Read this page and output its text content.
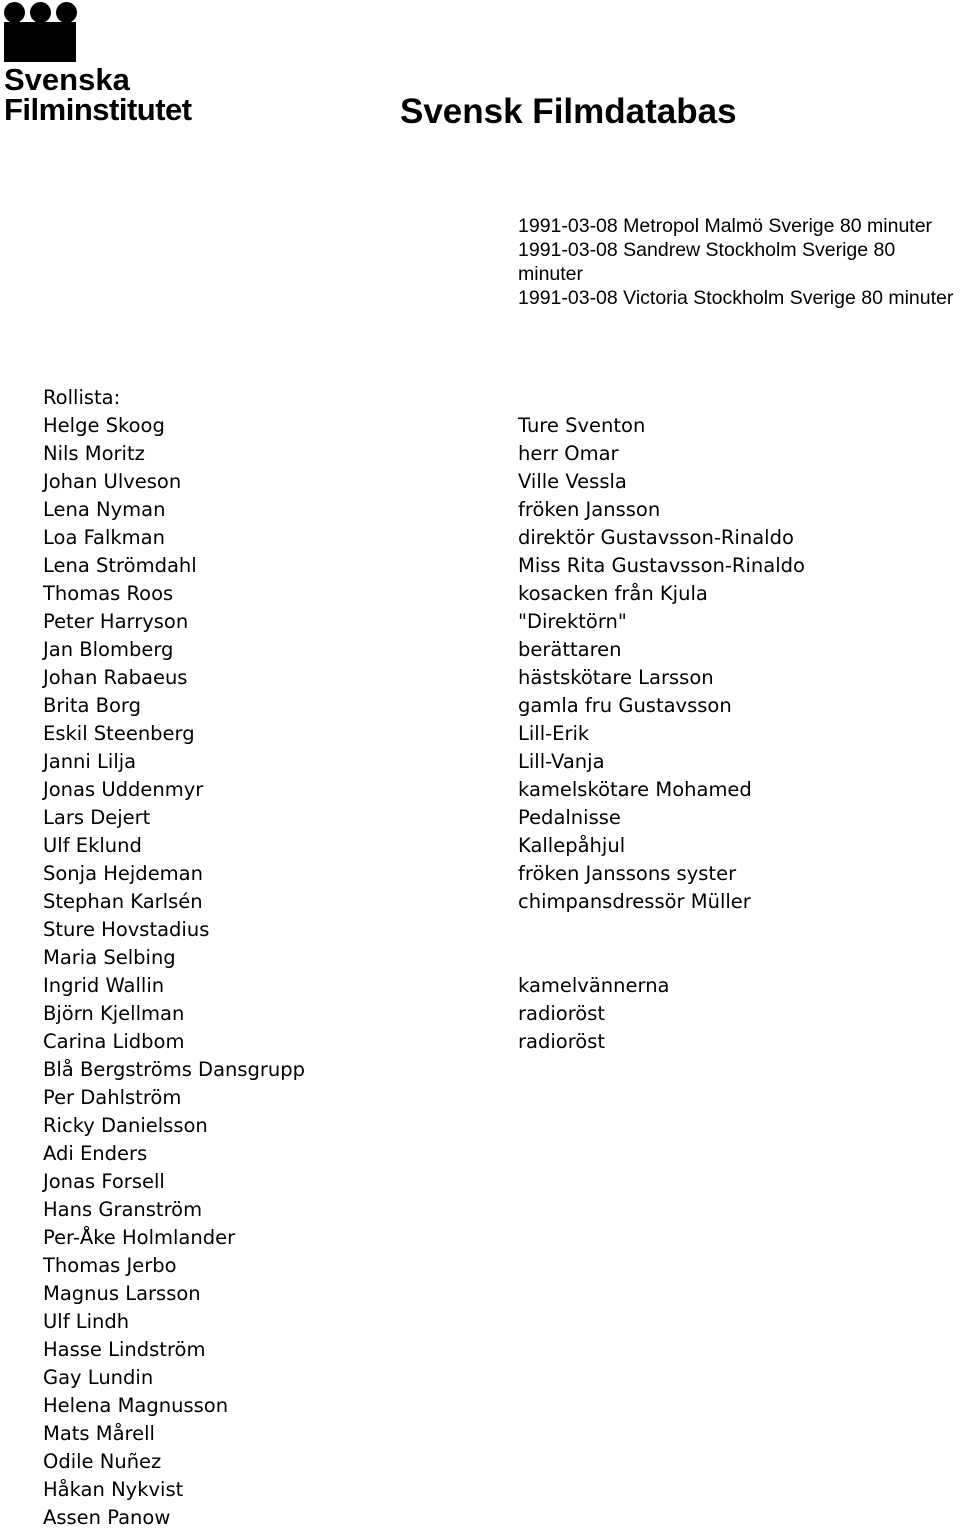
Svenska
Filminstitutet	Svensk Filmdatabas
1991-03-08 Metropol Malmö Sverige 80 minuter
1991-03-08 Sandrew Stockholm Sverige 80 minuter
1991-03-08 Victoria Stockholm Sverige 80 minuter
Rollista:
Helge Skoog	Ture Sventon
Nils Moritz	herr Omar
Johan Ulveson	Ville Vessla
Lena Nyman	fröken Jansson
Loa Falkman	direktör Gustavsson-Rinaldo
Lena Strömdahl	Miss Rita Gustavsson-Rinaldo
Thomas Roos	kosacken från Kjula
Peter Harryson	"Direktörn"
Jan Blomberg	berättaren
Johan Rabaeus	hästskötare Larsson
Brita Borg	gamla fru Gustavsson
Eskil Steenberg	Lill-Erik
Janni Lilja	Lill-Vanja
Jonas Uddenmyr	kamelskötare Mohamed
Lars Dejert	Pedalnisse
Ulf Eklund	Kallepåhjul
Sonja Hejdeman	fröken Janssons syster
Stephan Karlsén	chimpansdressör Müller
Sture Hovstadius
Maria Selbing
Ingrid Wallin	kamelvännerna
Björn Kjellman	radioröst
Carina Lidbom	radioröst
Blå Bergströms Dansgrupp
Per Dahlström
Ricky Danielsson
Adi Enders
Jonas Forsell
Hans Granström
Per-Åke Holmlander
Thomas Jerbo
Magnus Larsson
Ulf Lindh
Hasse Lindström
Gay Lundin
Helena Magnusson
Mats Mårell
Odile Nuñez
Håkan Nykvist
Assen Panow
